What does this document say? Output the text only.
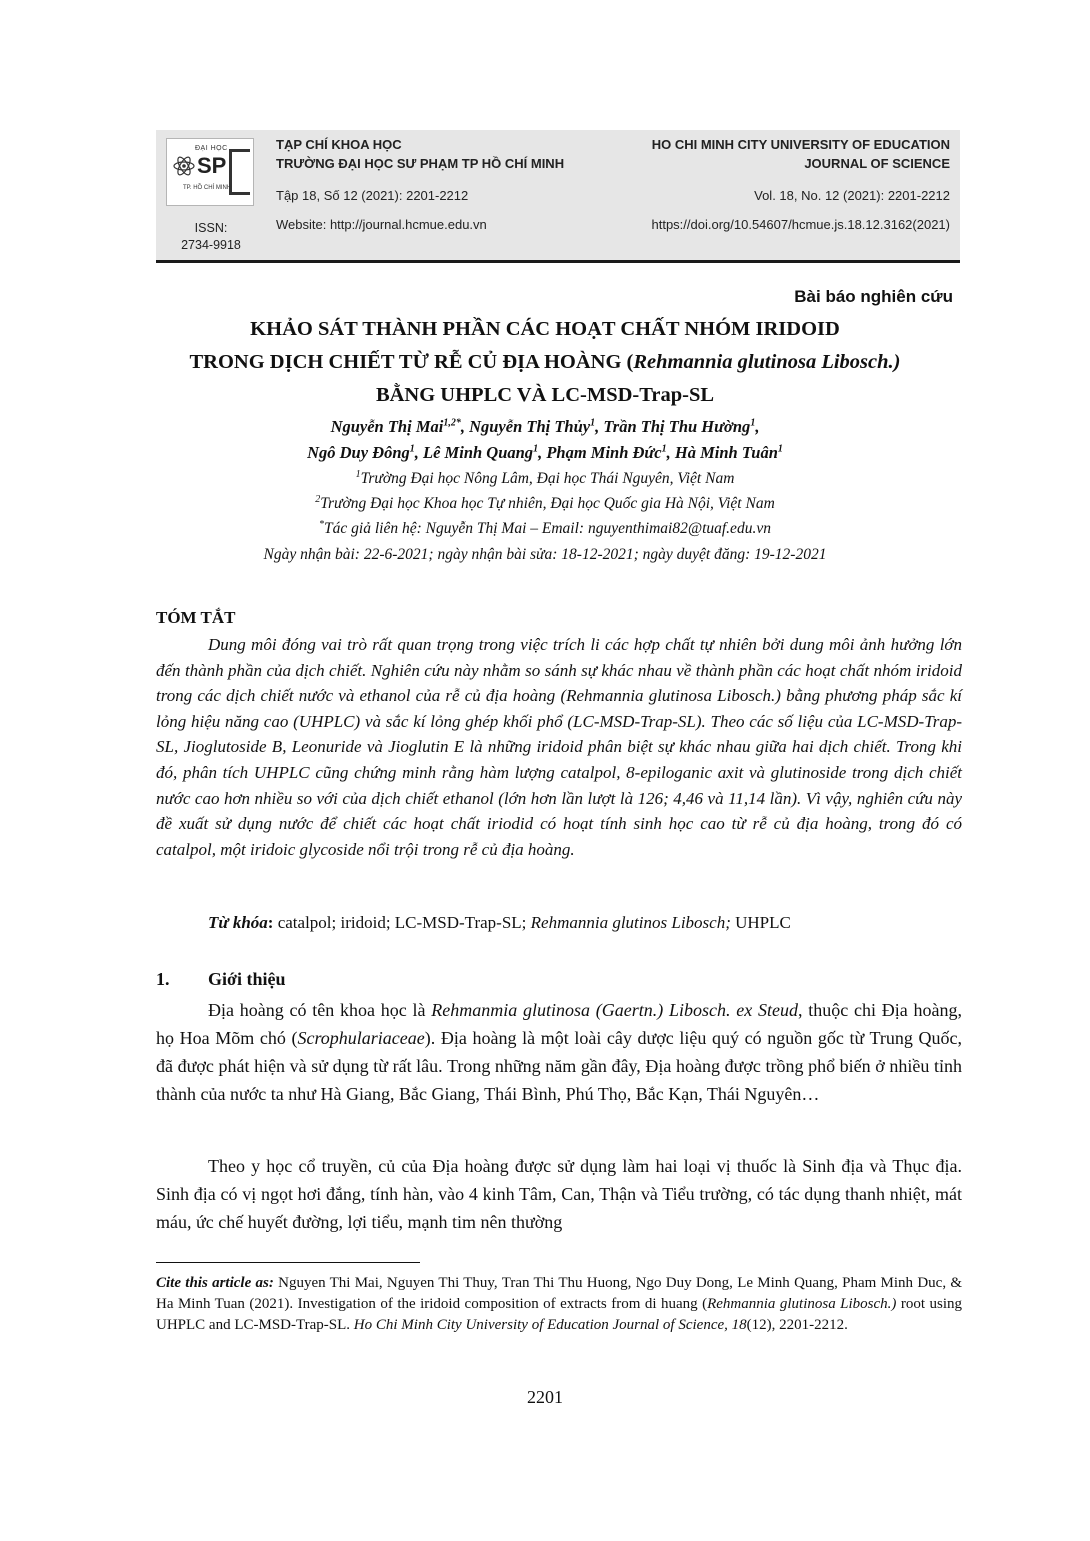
ĐẠI HỌC
SP
TP. HỒ CHÍ MINH
ISSN:
2734-9918
TẠP CHÍ KHOA HỌC
TRƯỜNG ĐẠI HỌC SƯ PHẠM TP HỒ CHÍ MINH
Tập 18, Số 12 (2021): 2201-2212
Website: http://journal.hcmue.edu.vn
HO CHI MINH CITY UNIVERSITY OF EDUCATION
JOURNAL OF SCIENCE
Vol. 18, No. 12 (2021): 2201-2212
https://doi.org/10.54607/hcmue.js.18.12.3162(2021)
Bài báo nghiên cứu
KHẢO SÁT THÀNH PHẦN CÁC HOẠT CHẤT NHÓM IRIDOID
TRONG DỊCH CHIẾT TỪ RỄ CỦ ĐỊA HOÀNG (Rehmannia glutinosa Libosch.)
BẰNG UHPLC VÀ LC-MSD-Trap-SL
Nguyễn Thị Mai$^{1,2*}$, Nguyễn Thị Thủy$^1$, Trần Thị Thu Hường$^1$,
Ngô Duy Đông$^1$, Lê Minh Quang$^1$, Phạm Minh Đức$^1$, Hà Minh Tuân$^1$
$^1$Trường Đại học Nông Lâm, Đại học Thái Nguyên, Việt Nam
$^2$Trường Đại học Khoa học Tự nhiên, Đại học Quốc gia Hà Nội, Việt Nam
*Tác giả liên hệ: Nguyễn Thị Mai – Email: nguyenthimai82@tuaf.edu.vn
Ngày nhận bài: 22-6-2021; ngày nhận bài sửa: 18-12-2021; ngày duyệt đăng: 19-12-2021
TÓM TẮT

Dung môi đóng vai trò rất quan trọng trong việc trích li các hợp chất tự nhiên bởi dung môi ảnh hưởng lớn đến thành phần của dịch chiết. Nghiên cứu này nhằm so sánh sự khác nhau về thành phần các hoạt chất nhóm iridoid trong các dịch chiết nước và ethanol của rễ củ địa hoàng (Rehmannia glutinosa Libosch.) bằng phương pháp sắc kí lỏng hiệu năng cao (UHPLC) và sắc kí lỏng ghép khối phổ (LC-MSD-Trap-SL). Theo các số liệu của LC-MSD-Trap-SL, Jioglutoside B, Leonuride và Jioglutin E là những iridoid phân biệt sự khác nhau giữa hai dịch chiết. Trong khi đó, phân tích UHPLC cũng chứng minh rằng hàm lượng catalpol, 8-epiloganic axit và glutinoside trong dịch chiết nước cao hơn nhiều so với của dịch chiết ethanol (lớn hơn lần lượt là 126; 4,46 và 11,14 lần). Vì vậy, nghiên cứu này đề xuất sử dụng nước để chiết các hoạt chất iriodid có hoạt tính sinh học cao từ rễ củ địa hoàng, trong đó có catalpol, một iridoic glycoside nổi trội trong rễ củ địa hoàng.

Từ khóa: catalpol; iridoid; LC-MSD-Trap-SL; Rehmannia glutinos Libosch; UHPLC
1. Giới thiệu

Địa hoàng có tên khoa học là Rehmanmia glutinosa (Gaertn.) Libosch. ex Steud, thuộc chi Địa hoàng, họ Hoa Mõm chó (Scrophulariaceae). Địa hoàng là một loài cây dược liệu quý có nguồn gốc từ Trung Quốc, đã được phát hiện và sử dụng từ rất lâu. Trong những năm gần đây, Địa hoàng được trồng phổ biến ở nhiều tỉnh thành của nước ta như Hà Giang, Bắc Giang, Thái Bình, Phú Thọ, Bắc Kạn, Thái Nguyên…

Theo y học cổ truyền, củ của Địa hoàng được sử dụng làm hai loại vị thuốc là Sinh địa và Thục địa. Sinh địa có vị ngọt hơi đắng, tính hàn, vào 4 kinh Tâm, Can, Thận và Tiểu trường, có tác dụng thanh nhiệt, mát máu, ức chế huyết đường, lợi tiểu, mạnh tim nên thường

Cite this article as: Nguyen Thi Mai, Nguyen Thi Thuy, Tran Thi Thu Huong, Ngo Duy Dong, Le Minh Quang, Pham Minh Duc, & Ha Minh Tuan (2021). Investigation of the iridoid composition of extracts from di huang (Rehmannia glutinosa Libosch.) root using UHPLC and LC-MSD-Trap-SL. Ho Chi Minh City University of Education Journal of Science, 18(12), 2201-2212.

2201
